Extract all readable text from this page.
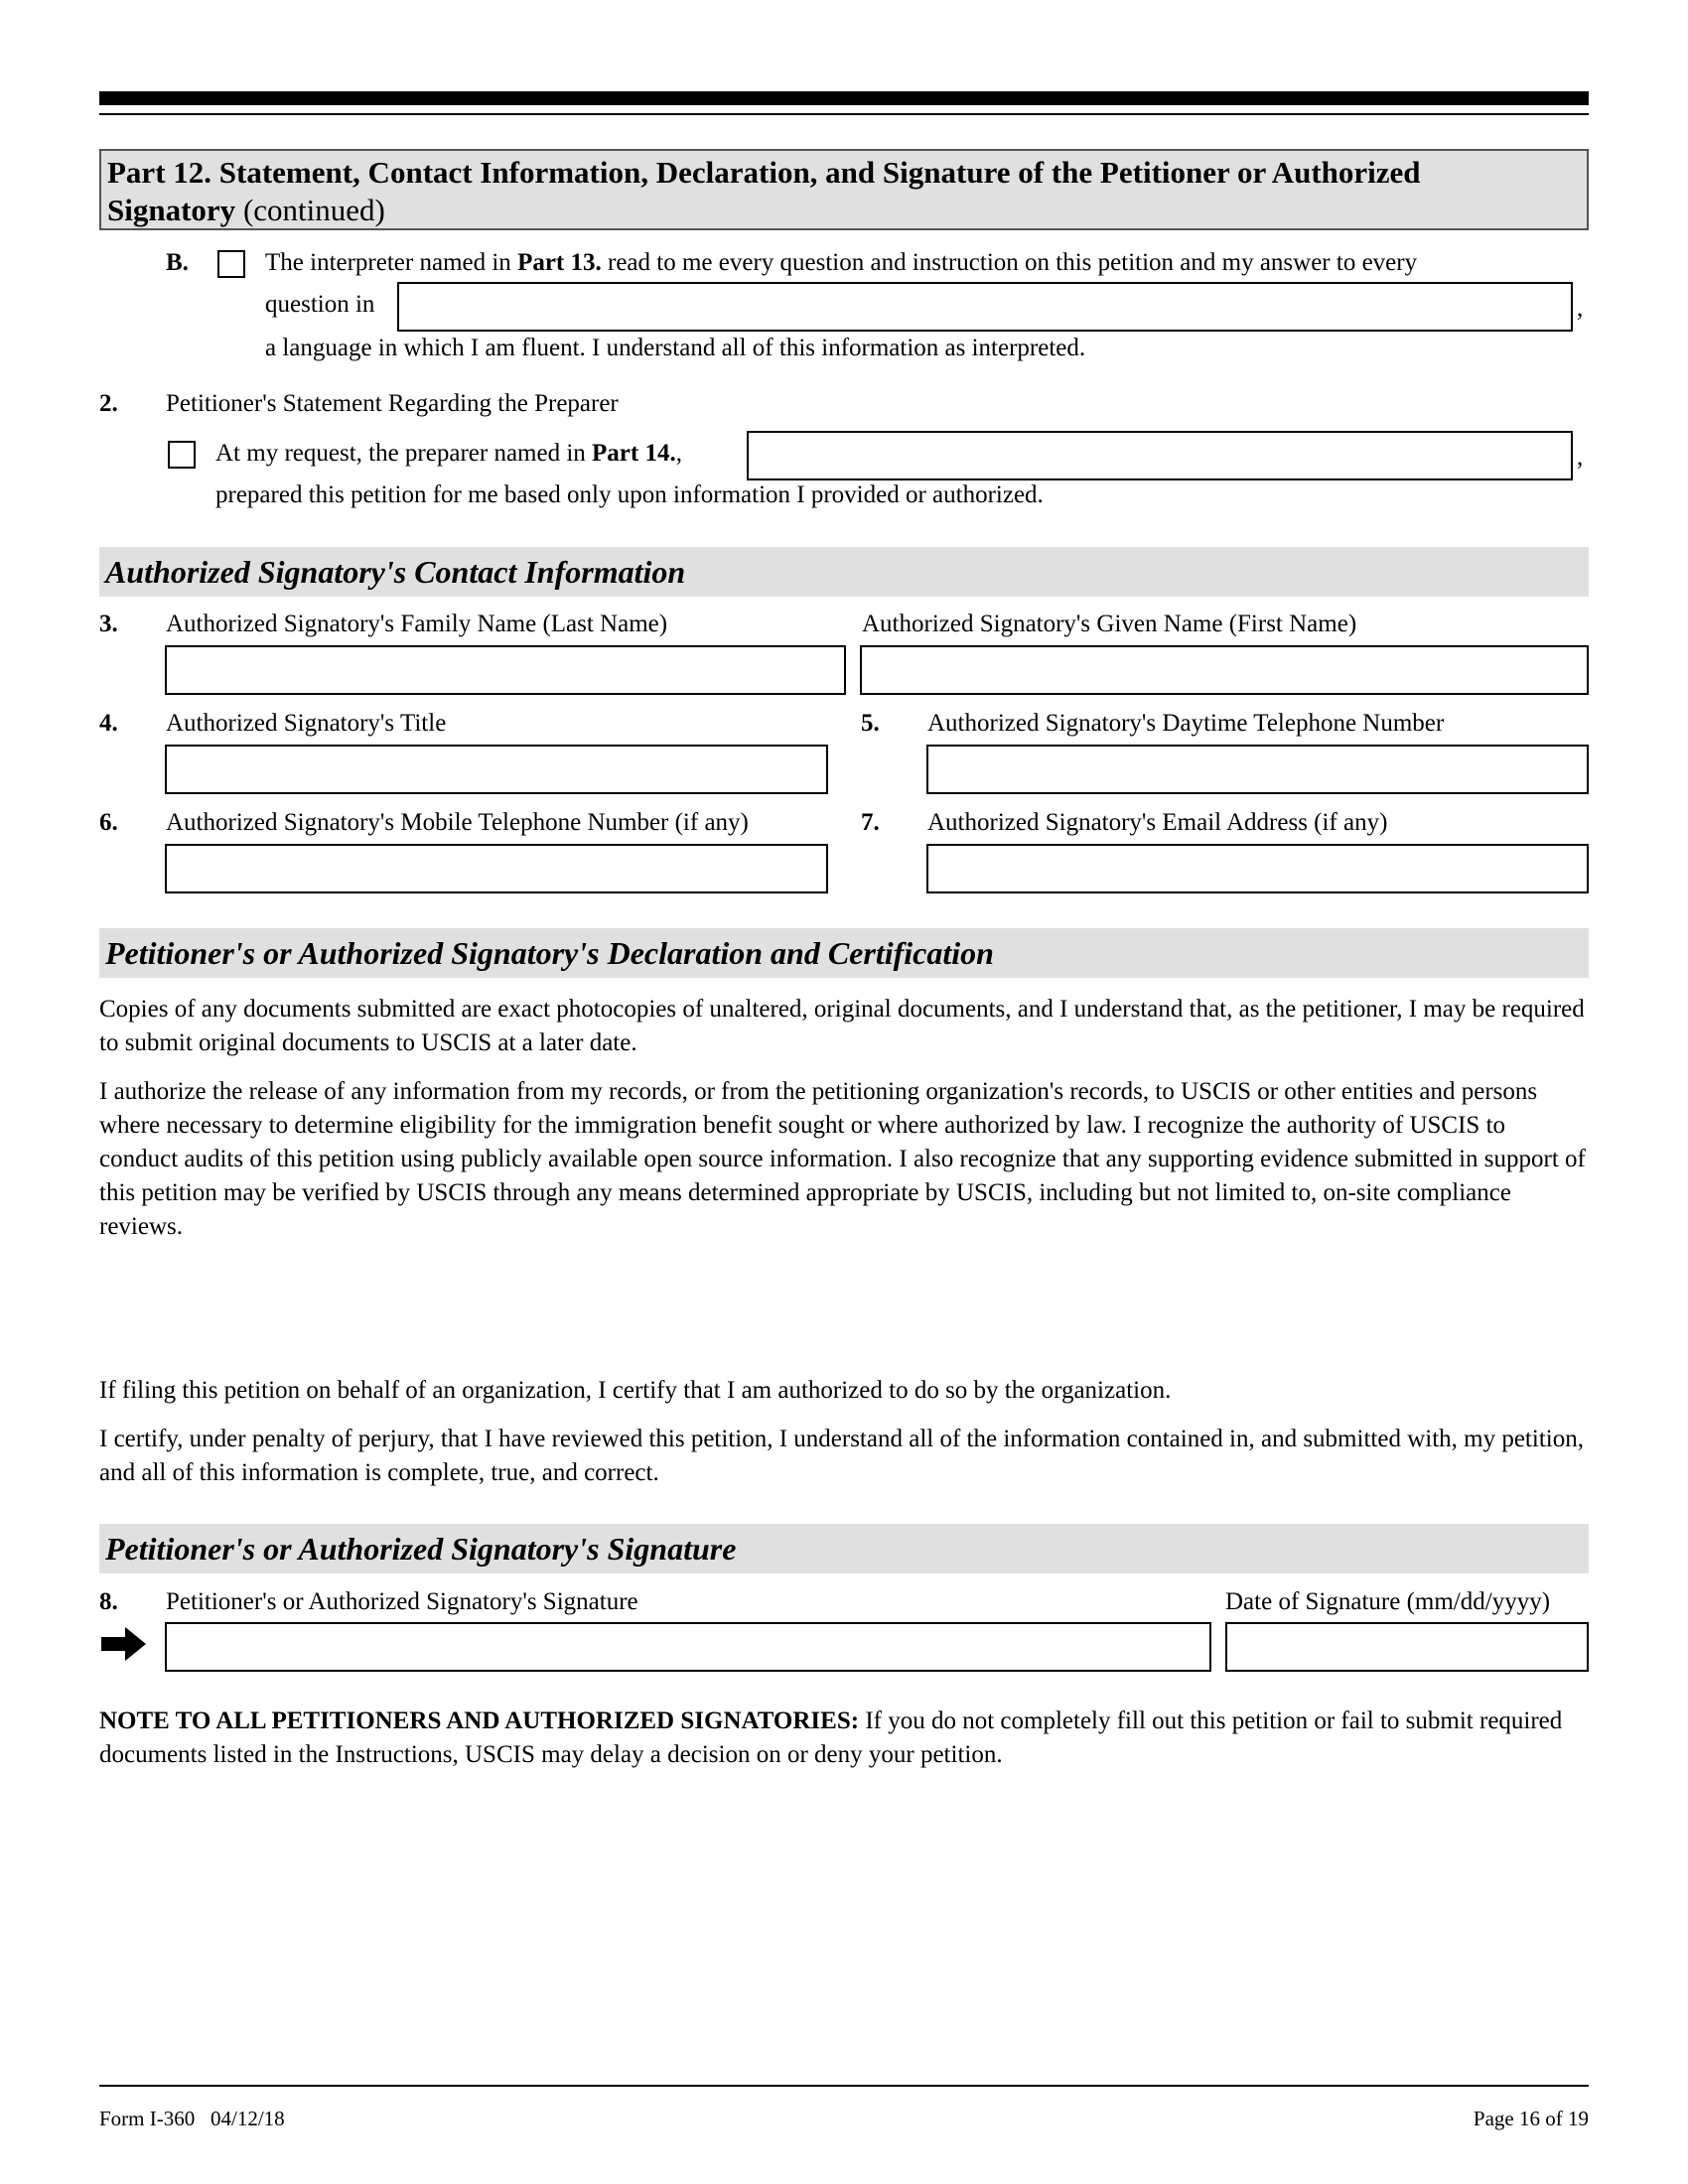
Part 12. Statement, Contact Information, Declaration, and Signature of the Petitioner or Authorized
Signatory (continued)
B.	The interpreter named in Part 13. read to me every question and instruction on this petition and my answer to every
question in	,
a language in which I am fluent. I understand all of this information as interpreted.
2. Petitioner's Statement Regarding the Preparer
At my request, the preparer named in Part 14.,	,
prepared this petition for me based only upon information I provided or authorized.
Authorized Signatory's Contact Information
3. Authorized Signatory's Family Name (Last Name)	Authorized Signatory's Given Name (First Name)
4. Authorized Signatory's Title	5. Authorized Signatory's Daytime Telephone Number
6. Authorized Signatory's Mobile Telephone Number (if any)	7. Authorized Signatory's Email Address (if any)
Petitioner's or Authorized Signatory's Declaration and Certification
Copies of any documents submitted are exact photocopies of unaltered, original documents, and I understand that, as the petitioner, I may be required to submit original documents to USCIS at a later date.
I authorize the release of any information from my records, or from the petitioning organization's records, to USCIS or other entities and persons where necessary to determine eligibility for the immigration benefit sought or where authorized by law. I recognize the authority of USCIS to conduct audits of this petition using publicly available open source information. I also recognize that any supporting evidence submitted in support of this petition may be verified by USCIS through any means determined appropriate by USCIS, including but not limited to, on-site compliance reviews.
If filing this petition on behalf of an organization, I certify that I am authorized to do so by the organization.
I certify, under penalty of perjury, that I have reviewed this petition, I understand all of the information contained in, and submitted with, my petition, and all of this information is complete, true, and correct.
Petitioner's or Authorized Signatory's Signature
8. Petitioner's or Authorized Signatory's Signature	Date of Signature (mm/dd/yyyy)
NOTE TO ALL PETITIONERS AND AUTHORIZED SIGNATORIES: If you do not completely fill out this petition or fail to submit required documents listed in the Instructions, USCIS may delay a decision on or deny your petition.
Form I-360   04/12/18	Page 16 of 19
